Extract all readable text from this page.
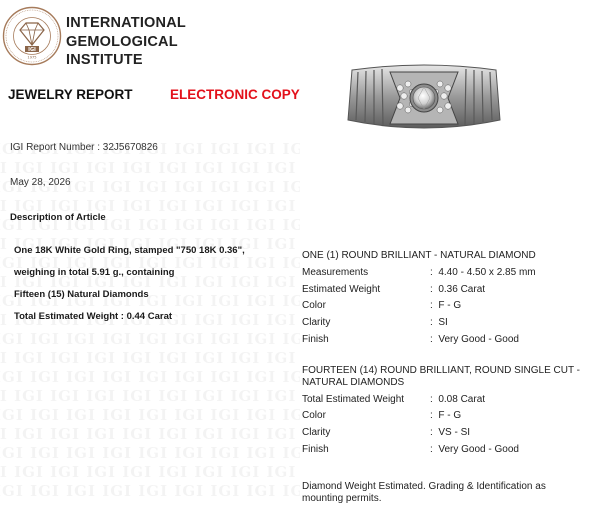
IGI
1975
INTERNATIONAL
GEMOLOGICAL
INSTITUTE
JEWELRY REPORT	ELECTRONIC COPY
IGI Report Number : 32J5670826
May 28, 2026
Description of Article
One 18K White Gold Ring, stamped "750 18K 0.36",
weighing in total 5.91 g., containing
Fifteen (15) Natural Diamonds
Total Estimated Weight : 0.44 Carat
ONE (1) ROUND BRILLIANT - NATURAL DIAMOND
Measurements	:  4.40 - 4.50 x 2.85 mm
Estimated Weight	:  0.36 Carat
Color	:  F - G
Clarity	:  SI
Finish	:  Very Good - Good
FOURTEEN (14) ROUND BRILLIANT, ROUND SINGLE CUT -
NATURAL DIAMONDS
Total Estimated Weight	:  0.08 Carat
Color	:  F - G
Clarity	:  VS - SI
Finish	:  Very Good - Good
Diamond Weight Estimated. Grading & Identification as
mounting permits.
